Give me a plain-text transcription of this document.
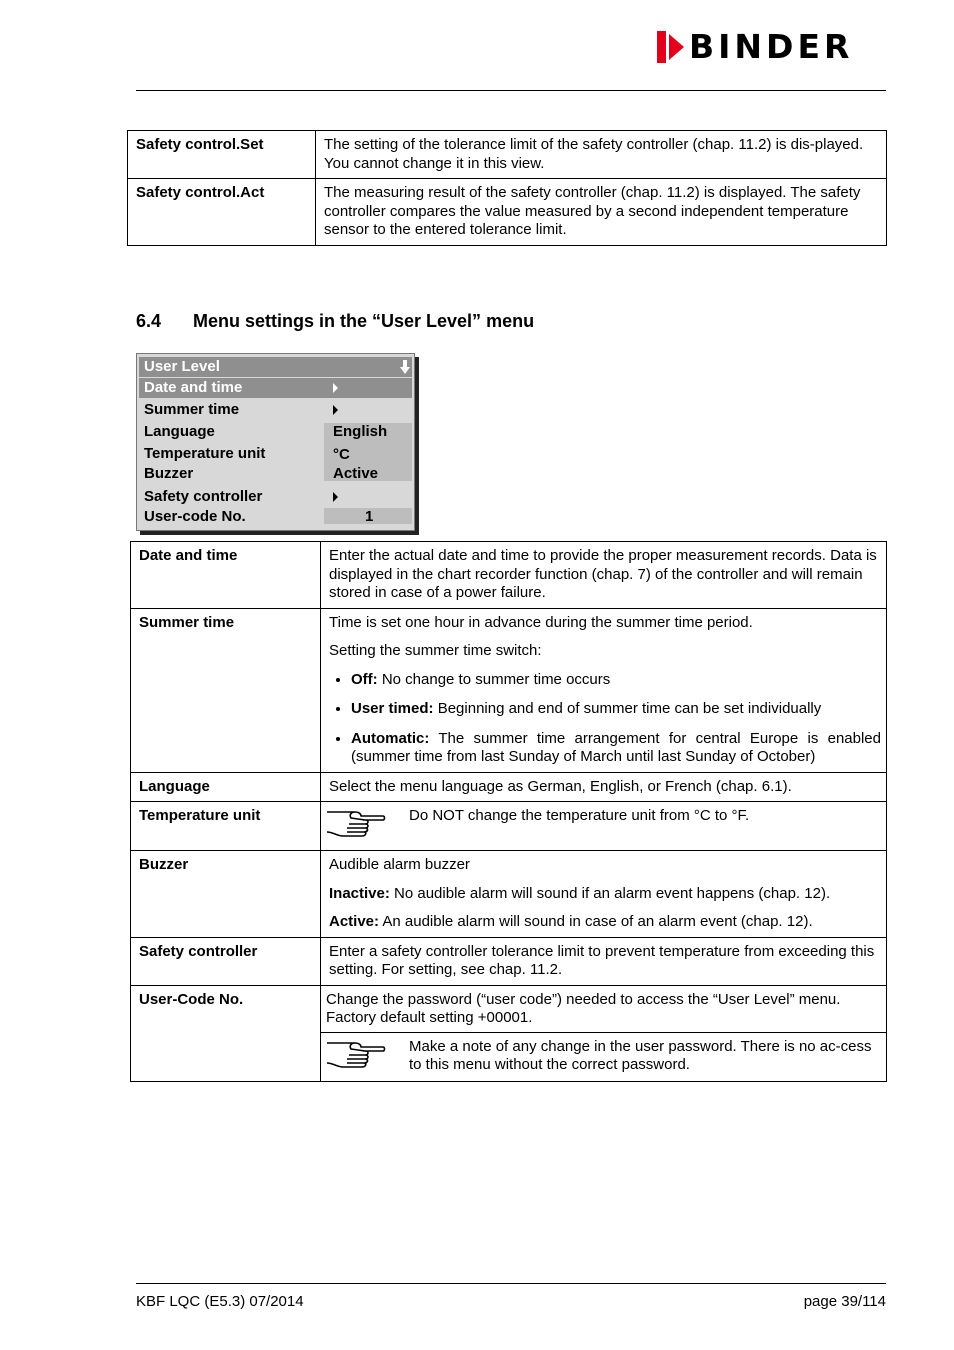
BINDER
Safety control.Set	The setting of the tolerance limit of the safety controller (chap. 11.2) is dis-played. You cannot change it in this view.
Safety control.Act	The measuring result of the safety controller (chap. 11.2) is displayed. The safety controller compares the value measured by a second independent temperature sensor to the entered tolerance limit.
6.4 Menu settings in the “User Level” menu
User Level
Date and time
Summer time
Language	English
Temperature unit	°C
Buzzer	Active
Safety controller
User-code No.	1
Date and time	Enter the actual date and time to provide the proper measurement records. Data is displayed in the chart recorder function (chap. 7) of the controller and will remain stored in case of a power failure.
Summer time	Time is set one hour in advance during the summer time period.

Setting the summer time switch:

• Off: No change to summer time occurs
• User timed: Beginning and end of summer time can be set individually
• Automatic: The summer time arrangement for central Europe is enabled (summer time from last Sunday of March until last Sunday of October)

Language	Select the menu language as German, English, or French (chap. 6.1).
Temperature unit	
		Do NOT change the temperature unit from °C to °F.

Buzzer	Audible alarm buzzer

Inactive: No audible alarm will sound if an alarm event happens (chap. 12).

Active: An audible alarm will sound in case of an alarm event (chap. 12).

Safety controller	Enter a safety controller tolerance limit to prevent temperature from exceeding this setting. For setting, see chap. 11.2.
User-Code No.	Change the password (“user code”) needed to access the “User Level” menu. Factory default setting +00001.
	Make a note of any change in the user password. There is no ac-cess to this menu without the correct password.
KBF LQC (E5.3) 07/2014	page 39/114
